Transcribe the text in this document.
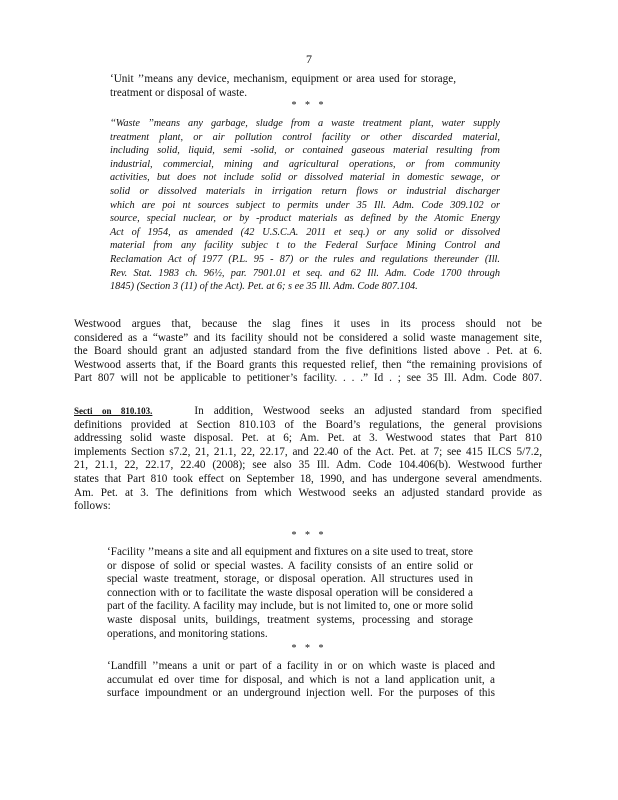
7
‘Unit ’’means any device, mechanism, equipment or area used for storage,
treatment or disposal of waste.
* * *
‘‘Waste ’’means any garbage, sludge from a waste treatment plant, water supply
treatment plant, or air pollution control facility or other discarded material,
including solid, liquid, semi -solid, or contained gaseous material resulting from
industrial, commercial, mining and agricultural operations, or from community
activities, but does not include solid or dissolved material in domestic sewage, or
solid or dissolved materials in irrigation return flows or industrial discharger
which are poi nt sources subject to permits under 35 Ill. Adm. Code 309.102 or
source, special nuclear, or by -product materials as defined by the Atomic Energy
Act of 1954, as amended (42 U.S.C.A. 2011 et seq.) or any solid or dissolved
material from any facility subjec t to the Federal Surface Mining Control and
Reclamation Act of 1977 (P.L. 95 - 87) or the rules and regulations thereunder (Ill.
Rev. Stat. 1983 ch. 96½, par. 7901.01 et seq. and 62 Ill. Adm. Code 1700 through
1845) (Section 3 (11) of the Act). Pet. at 6; s ee 35 Ill. Adm. Code 807.104.
Westwood argues that, because the slag fines it uses in its process should not be
considered as a “waste” and its facility should not be considered a solid waste management site,
the Board should grant an adjusted standard from the five definitions listed above . Pet. at 6.
Westwood asserts that, if the Board grants this requested relief, then “the remaining provisions of
Part 807 will not be applicable to petitioner’s facility. . . .” Id . ; see 35 Ill. Adm. Code 807.
Secti on 810.103.	In addition, Westwood seeks an adjusted standard from specified
definitions provided at Section 810.103 of the Board’s regulations, the general provisions
addressing solid waste disposal. Pet. at 6; Am. Pet. at 3. Westwood states that Part 810
implements Section s7.2, 21, 21.1, 22, 22.17, and 22.40 of the Act. Pet. at 7; see 415 ILCS 5/7.2,
21, 21.1, 22, 22.17, 22.40 (2008); see also 35 Ill. Adm. Code 104.406(b). Westwood further
states that Part 810 took effect on September 18, 1990, and has undergone several amendments.
Am. Pet. at 3. The definitions from which Westwood seeks an adjusted standard provide as
follows:
* * *
‘Facility ’’means a site and all equipment and fixtures on a site used to treat, store
or dispose of solid or special wastes. A facility consists of an entire solid or
special waste treatment, storage, or disposal operation. All structures used in
connection with or to facilitate the waste disposal operation will be considered a
part of the facility. A facility may include, but is not limited to, one or more solid
waste disposal units, buildings, treatment systems, processing and storage
operations, and monitoring stations.
* * *
‘Landfill ’’means a unit or part of a facility in or on which waste is placed and
accumulat ed over time for disposal, and which is not a land application unit, a
surface impoundment or an underground injection well. For the purposes of this
